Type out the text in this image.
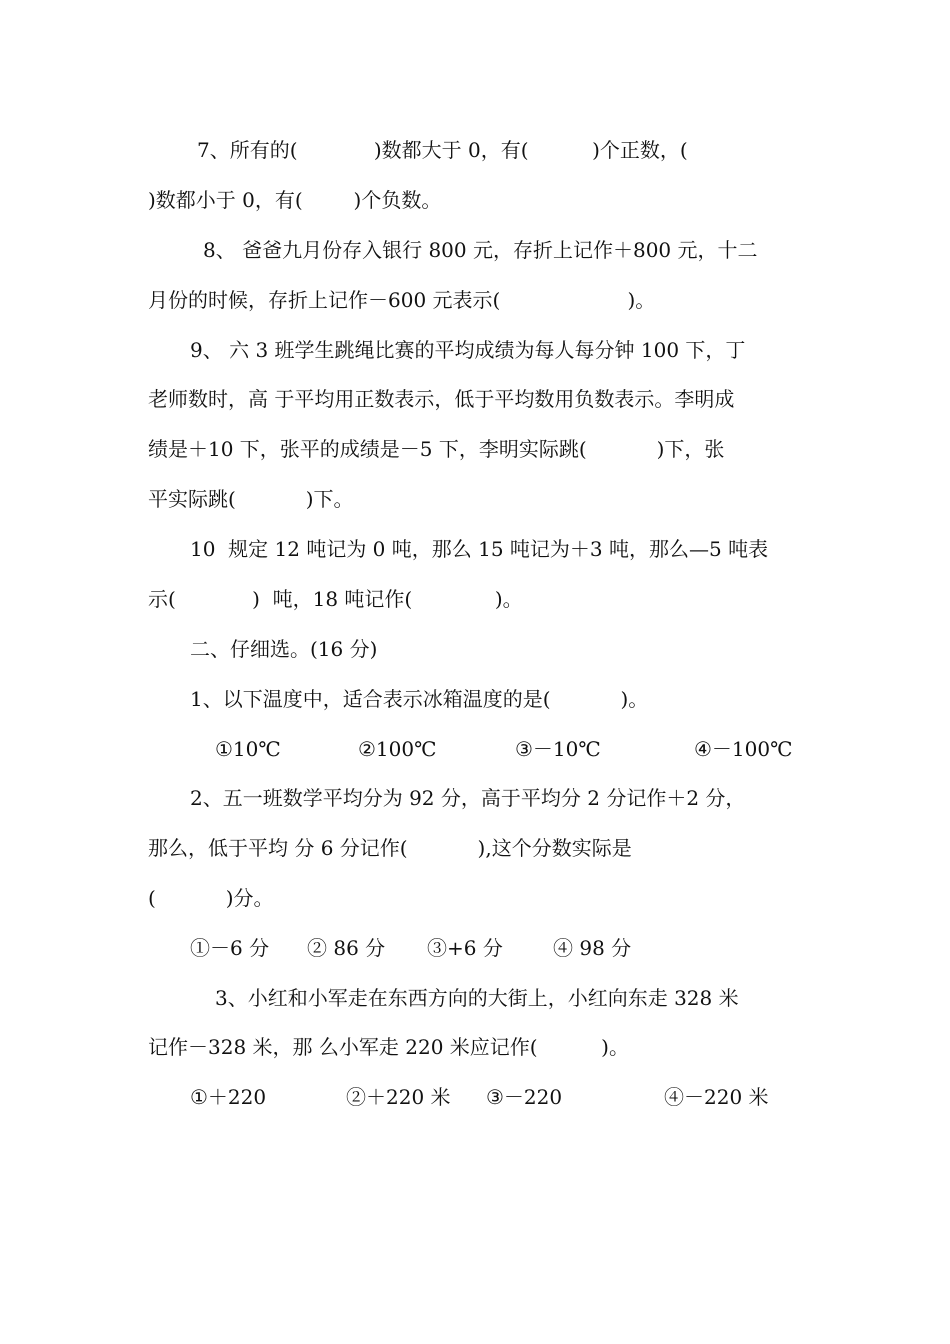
7、所有的(            )数都大于 0，有(          )个正数，(
)数都小于 0，有(        )个负数。
8、 爸爸九月份存入银行 800 元，存折上记作＋800 元，十二
月份的时候，存折上记作－600 元表示(                    )。
9、 六 3 班学生跳绳比赛的平均成绩为每人每分钟 100 下，丁
老师数时，高 于平均用正数表示，低于平均数用负数表示。李明成
绩是＋10 下，张平的成绩是－5 下，李明实际跳(           )下，张
平实际跳(           )下。
10  规定 12 吨记为 0 吨，那么 15 吨记为＋3 吨，那么—5 吨表
示(            )  吨，18 吨记作(             )。
二、仔细选。(16 分)
1、以下温度中，适合表示冰箱温度的是(           )。
①10℃	②100℃	③－10℃	④－100℃
2、五一班数学平均分为 92 分，高于平均分 2 分记作＋2 分，
那么，低于平均 分 6 分记作(           ),这个分数实际是
(           )分。
①－6 分 ② 86 分 ③+6 分	④ 98 分
3、小红和小军走在东西方向的大街上，小红向东走 328 米
记作－328 米，那 么小军走 220 米应记作(          )。
①＋220	②＋220 米 ③－220	④－220 米
